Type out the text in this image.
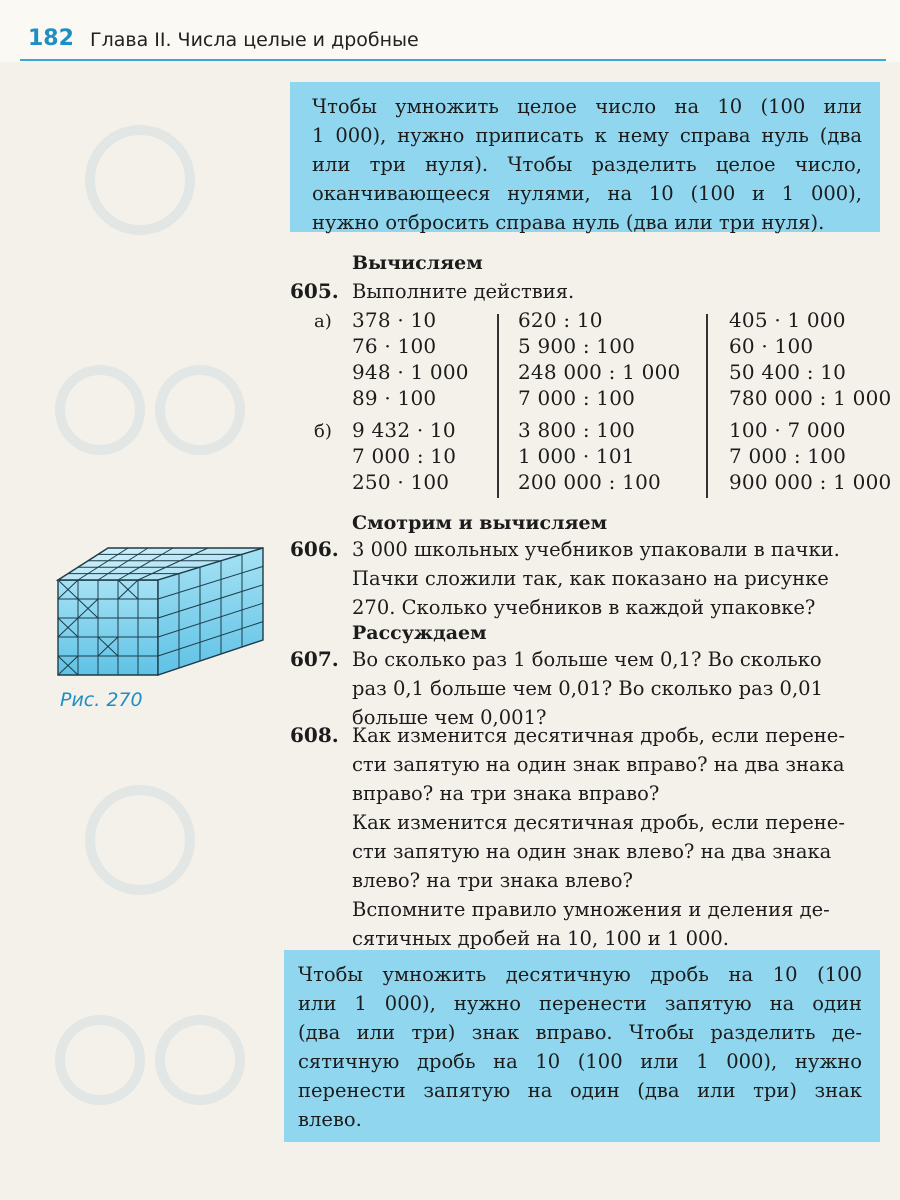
182 Глава II. Числа целые и дробные
Чтобы умножить целое число на 10 (100 или
1 000), нужно приписать к нему справа нуль (два
или три нуля). Чтобы разделить целое число,
оканчивающееся нулями, на 10 (100 и 1 000),
нужно отбросить справа нуль (два или три нуля).
Вычисляем
605. Выполните действия.
а)
б)
378 · 10
76 · 100
948 · 1 000
89 · 100
9 432 · 10
7 000 : 10
250 · 100
620 : 10
5 900 : 100
248 000 : 1 000
7 000 : 100
3 800 : 100
1 000 · 101
200 000 : 100
405 · 1 000
60 · 100
50 400 : 10
780 000 : 1 000
100 · 7 000
7 000 : 100
900 000 : 1 000
Смотрим и вычисляем
606. 3 000 школьных учебников упаковали в пачки.
Пачки сложили так, как показано на рисунке
270. Сколько учебников в каждой упаковке?
Рассуждаем
607. Во сколько раз 1 больше чем 0,1? Во сколько
раз 0,1 больше чем 0,01? Во сколько раз 0,01
больше чем 0,001?
608. Как изменится десятичная дробь, если перене-
сти запятую на один знак вправо? на два знака
вправо? на три знака вправо?
Как изменится десятичная дробь, если перене-
сти запятую на один знак влево? на два знака
влево? на три знака влево?
Вспомните правило умножения и деления де-
сятичных дробей на 10, 100 и 1 000.
Рис. 270
Чтобы умножить десятичную дробь на 10 (100
или 1 000), нужно перенести запятую на один
(два или три) знак вправо. Чтобы разделить де-
сятичную дробь на 10 (100 или 1 000), нужно
перенести запятую на один (два или три) знак
влево.
